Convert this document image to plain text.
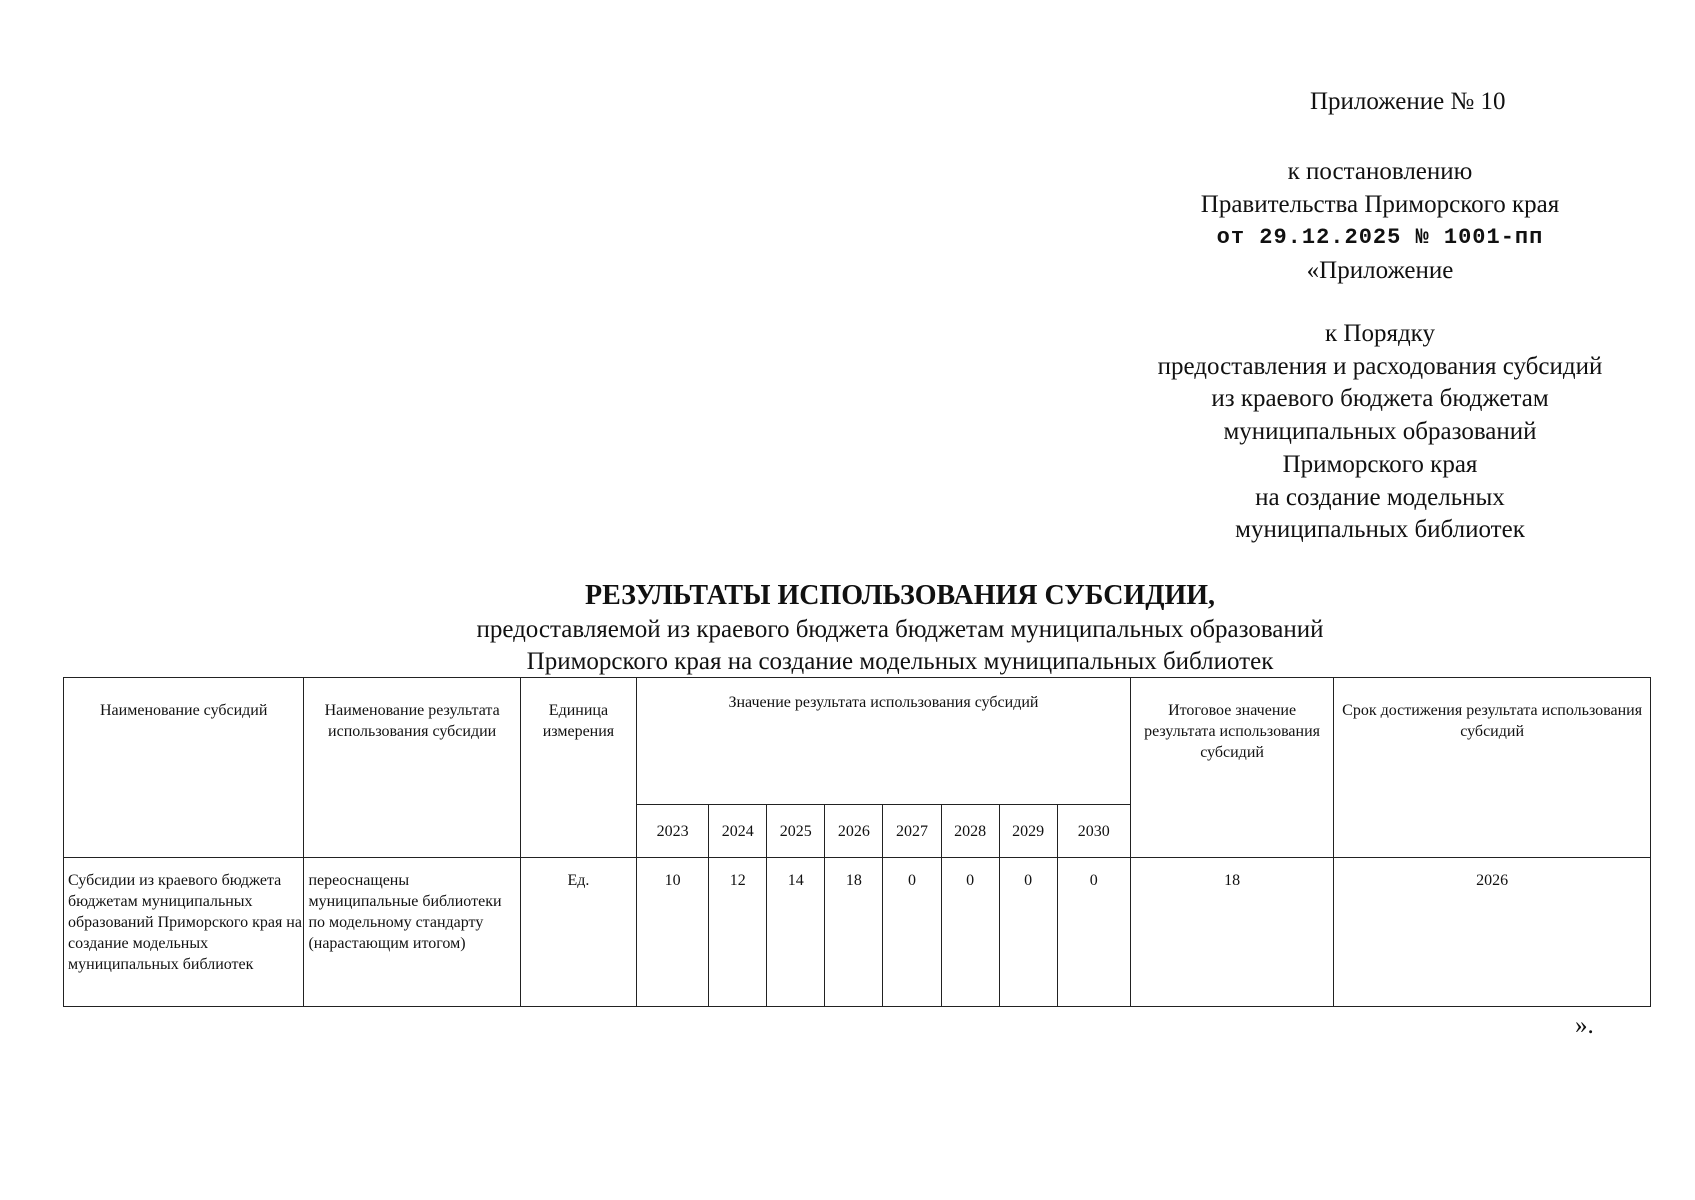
Приложение № 10
к постановлению
Правительства Приморского края
от 29.12.2025 № 1001-пп
«Приложение
к Порядку
предоставления и расходования субсидий
из краевого бюджета бюджетам
муниципальных образований
Приморского края
на создание модельных
муниципальных библиотек
РЕЗУЛЬТАТЫ ИСПОЛЬЗОВАНИЯ СУБСИДИИ,
предоставляемой из краевого бюджета бюджетам муниципальных образований
Приморского края на создание модельных муниципальных библиотек
Наименование субсидий	Наименование результата использования субсидии	Единица измерения	Значение результата использования субсидий								Итоговое значение результата использования субсидий	Срок достижения результата использования субсидий
			2023	2024	2025	2026	2027	2028	2029	2030		
Субсидии из краевого бюджета бюджетам муниципальных образований Приморского края на создание модельных муниципальных библиотек	переоснащены муниципальные библиотеки по модельному стандарту (нарастающим итогом)	Ед.	10	12	14	18	0	0	0	0	18	2026
».
